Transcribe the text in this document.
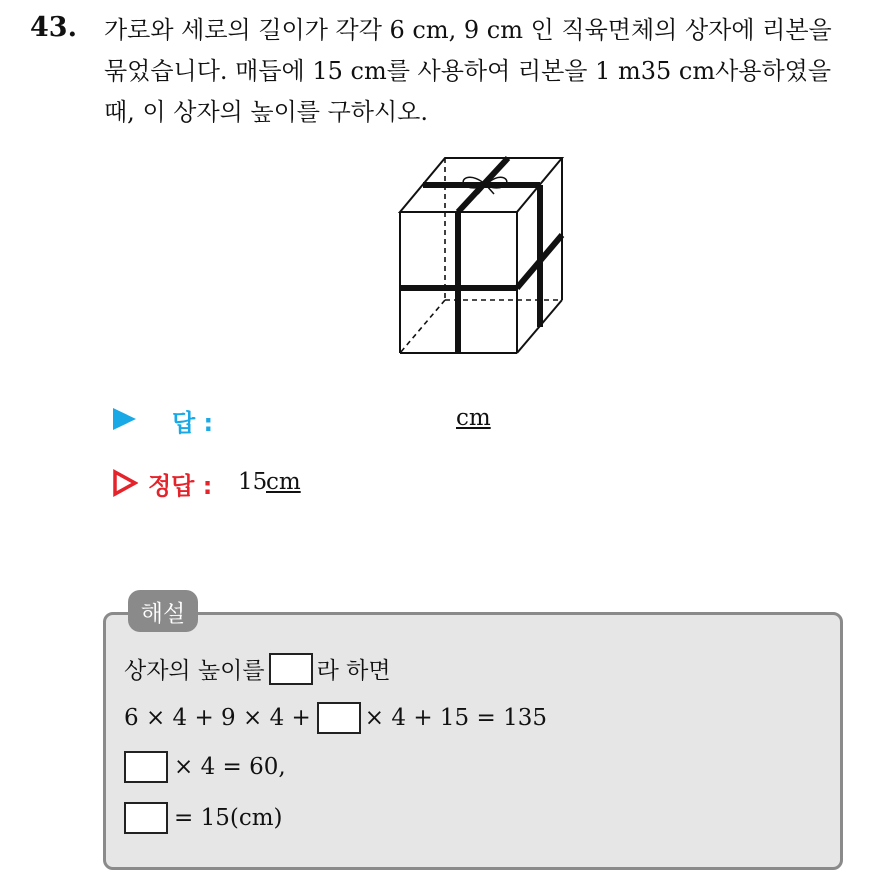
43. 가로와 세로의 길이가 각각 6 cm, 9 cm 인 직육면체의 상자에 리본을
묶었습니다. 매듭에 15 cm를 사용하여 리본을 1 m35 cm사용하였을
때, 이 상자의 높이를 구하시오.
답 :	cm
정답 : 15
cm
해설
상자의 높이를 라 하면
6 × 4 + 9 × 4 + × 4 + 15 = 135
× 4 = 60,
= 15(cm)
